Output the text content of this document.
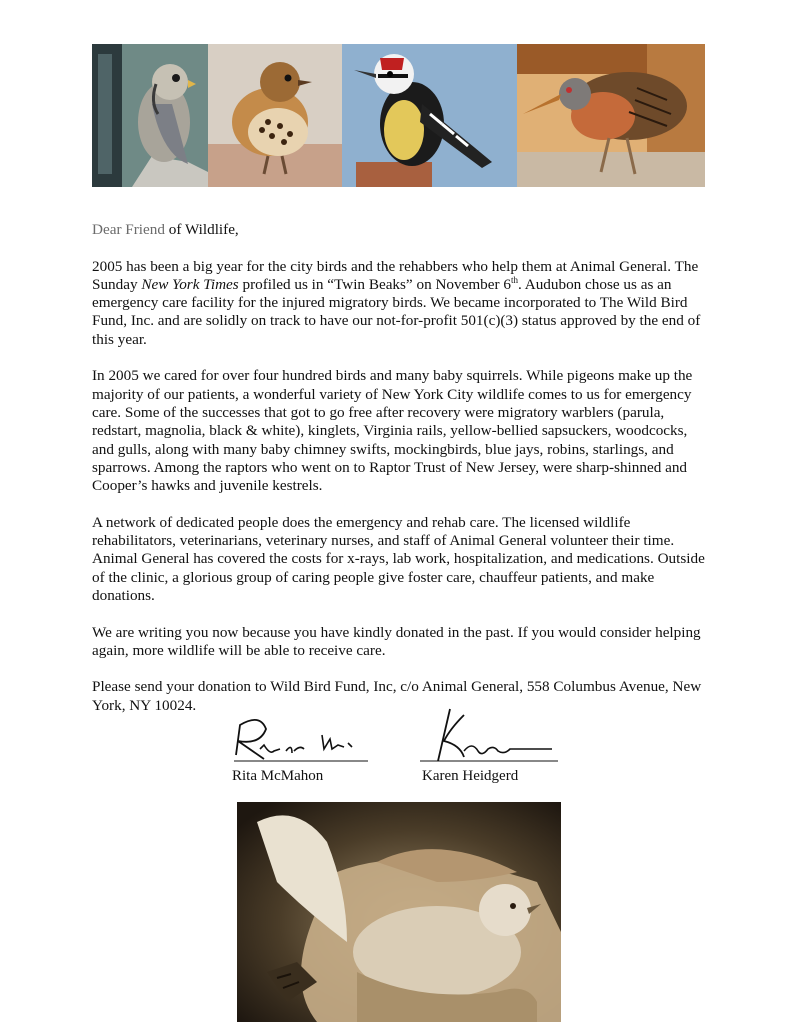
Dear Friend of Wildlife,

2005 has been a big year for the city birds and the rehabbers who help them at Animal General. The Sunday New York Times profiled us in “Twin Beaks” on November 6th. Audubon chose us as an emergency care facility for the injured migratory birds. We became incorporated to The Wild Bird Fund, Inc. and are solidly on track to have our not-for-profit 501(c)(3) status approved by the end of this year.

In 2005 we cared for over four hundred birds and many baby squirrels. While pigeons make up the majority of our patients, a wonderful variety of New York City wildlife comes to us for emergency care. Some of the successes that got to go free after recovery were migratory warblers (parula, redstart, magnolia, black & white), kinglets, Virginia rails, yellow-bellied sapsuckers, woodcocks, and gulls, along with many baby chimney swifts, mockingbirds, blue jays, robins, starlings, and sparrows. Among the raptors who went on to Raptor Trust of New Jersey, were sharp-shinned and Cooper’s hawks and juvenile kestrels.

A network of dedicated people does the emergency and rehab care. The licensed wildlife rehabilitators, veterinarians, veterinary nurses, and staff of Animal General volunteer their time. Animal General has covered the costs for x-rays, lab work, hospitalization, and medications. Outside of the clinic, a glorious group of caring people give foster care, chauffeur patients, and make donations.

We are writing you now because you have kindly donated in the past. If you would consider helping again, more wildlife will be able to receive care.

Please send your donation to Wild Bird Fund, Inc, c/o Animal General, 558 Columbus Avenue, New York, NY 10024.

Rita McMahon	Karen Heidgerd
